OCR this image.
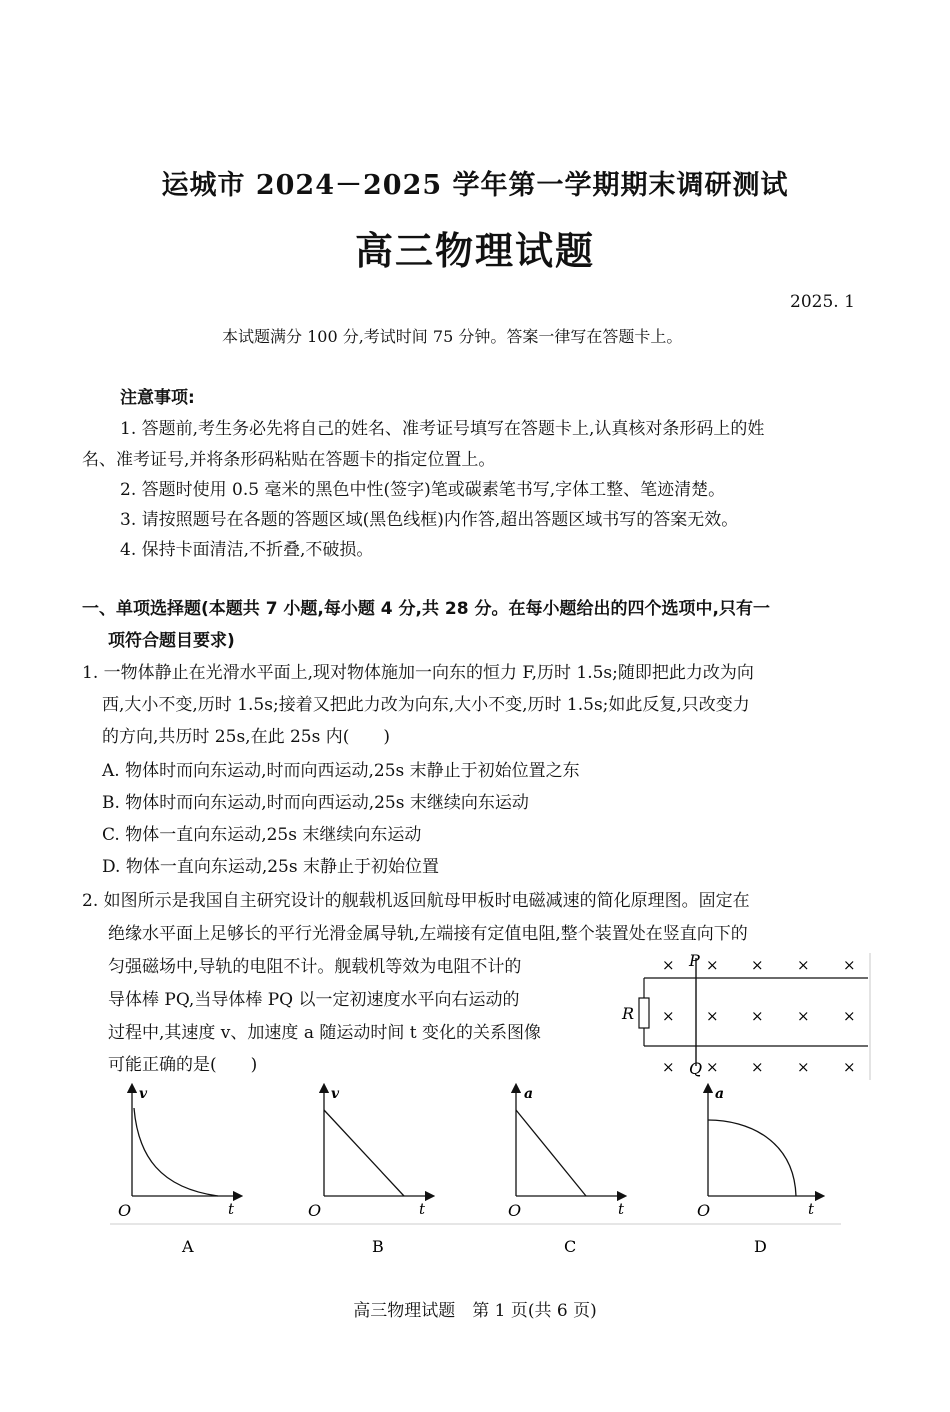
运城市 2024－2025 学年第一学期期末调研测试
高三物理试题
2025. 1
本试题满分 100 分,考试时间 75 分钟。答案一律写在答题卡上。
注意事项:
1. 答题前,考生务必先将自己的姓名、准考证号填写在答题卡上,认真核对条形码上的姓
名、准考证号,并将条形码粘贴在答题卡的指定位置上。
2. 答题时使用 0.5 毫米的黑色中性(签字)笔或碳素笔书写,字体工整、笔迹清楚。
3. 请按照题号在各题的答题区域(黑色线框)内作答,超出答题区域书写的答案无效。
4. 保持卡面清洁,不折叠,不破损。
一、单项选择题(本题共 7 小题,每小题 4 分,共 28 分。在每小题给出的四个选项中,只有一
项符合题目要求)
1. 一物体静止在光滑水平面上,现对物体施加一向东的恒力 F,历时 1.5s;随即把此力改为向
西,大小不变,历时 1.5s;接着又把此力改为向东,大小不变,历时 1.5s;如此反复,只改变力
的方向,共历时 25s,在此 25s 内(　　)
A. 物体时而向东运动,时而向西运动,25s 末静止于初始位置之东
B. 物体时而向东运动,时而向西运动,25s 末继续向东运动
C. 物体一直向东运动,25s 末继续向东运动
D. 物体一直向东运动,25s 末静止于初始位置
2. 如图所示是我国自主研究设计的舰载机返回航母甲板时电磁减速的简化原理图。固定在
绝缘水平面上足够长的平行光滑金属导轨,左端接有定值电阻,整个装置处在竖直向下的
匀强磁场中,导轨的电阻不计。舰载机等效为电阻不计的
导体棒 PQ,当导体棒 PQ 以一定初速度水平向右运动的
过程中,其速度 v、加速度 a 随运动时间 t 变化的关系图像
可能正确的是(　　)
R
P
Q
× × × × ×
× × × × ×
× × × × ×
v
t
O
A
v
t
O
B
a
t
O
C
a
t
O
D
高三物理试题　第 1 页(共 6 页)
